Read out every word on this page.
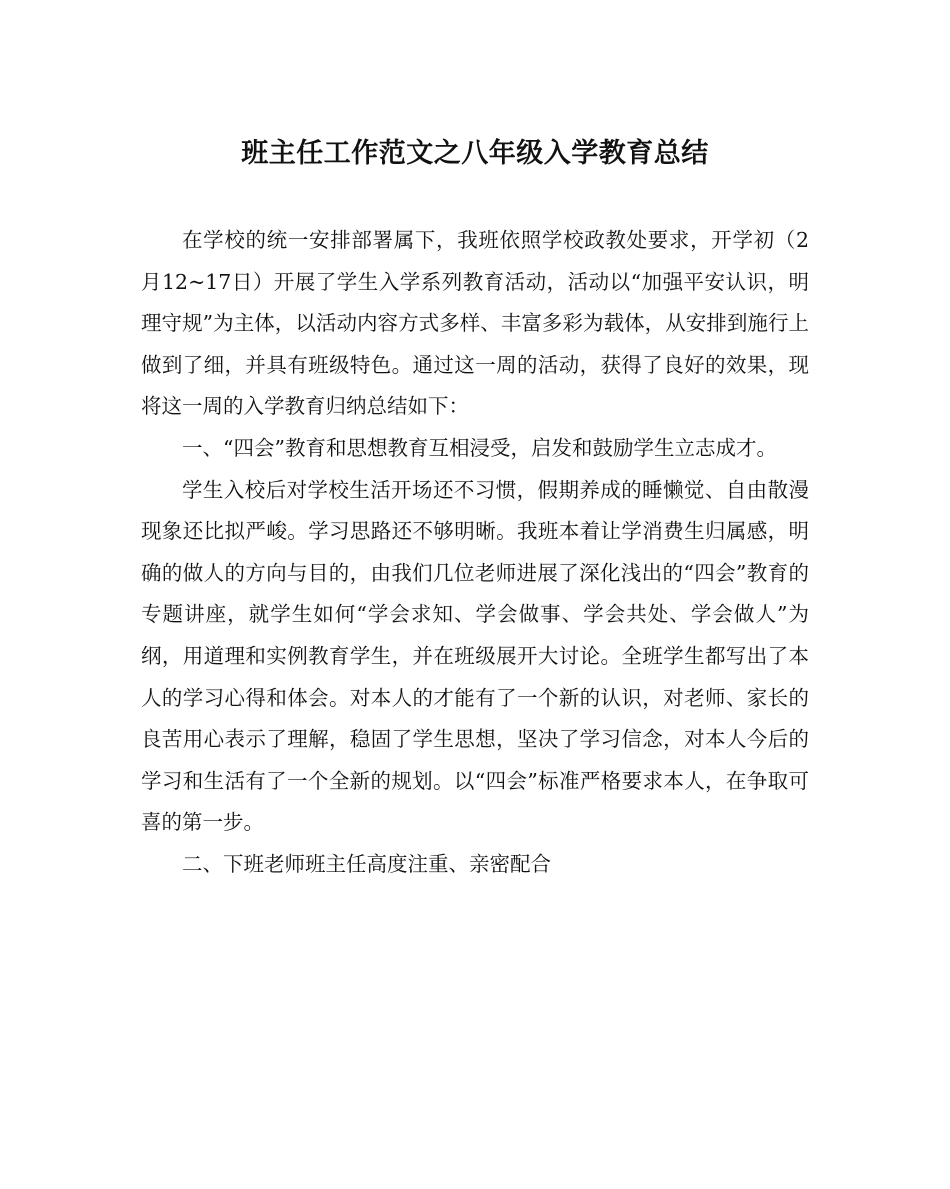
班主任工作范文之八年级入学教育总结

在学校的统一安排部署属下，我班依照学校政教处要求，开学初（2月12~17日）开展了学生入学系列教育活动，活动以“加强平安认识，明理守规”为主体，以活动内容方式多样、丰富多彩为载体，从安排到施行上做到了细，并具有班级特色。通过这一周的活动，获得了良好的效果，现将这一周的入学教育归纳总结如下：

一、“四会”教育和思想教育互相浸受，启发和鼓励学生立志成才。

学生入校后对学校生活开场还不习惯，假期养成的睡懒觉、自由散漫现象还比拟严峻。学习思路还不够明晰。我班本着让学消费生归属感，明确的做人的方向与目的，由我们几位老师进展了深化浅出的“四会”教育的专题讲座，就学生如何“学会求知、学会做事、学会共处、学会做人”为纲，用道理和实例教育学生，并在班级展开大讨论。全班学生都写出了本人的学习心得和体会。对本人的才能有了一个新的认识，对老师、家长的良苦用心表示了理解，稳固了学生思想，坚决了学习信念，对本人今后的学习和生活有了一个全新的规划。以“四会”标准严格要求本人，在争取可喜的第一步。

二、下班老师班主任高度注重、亲密配合
